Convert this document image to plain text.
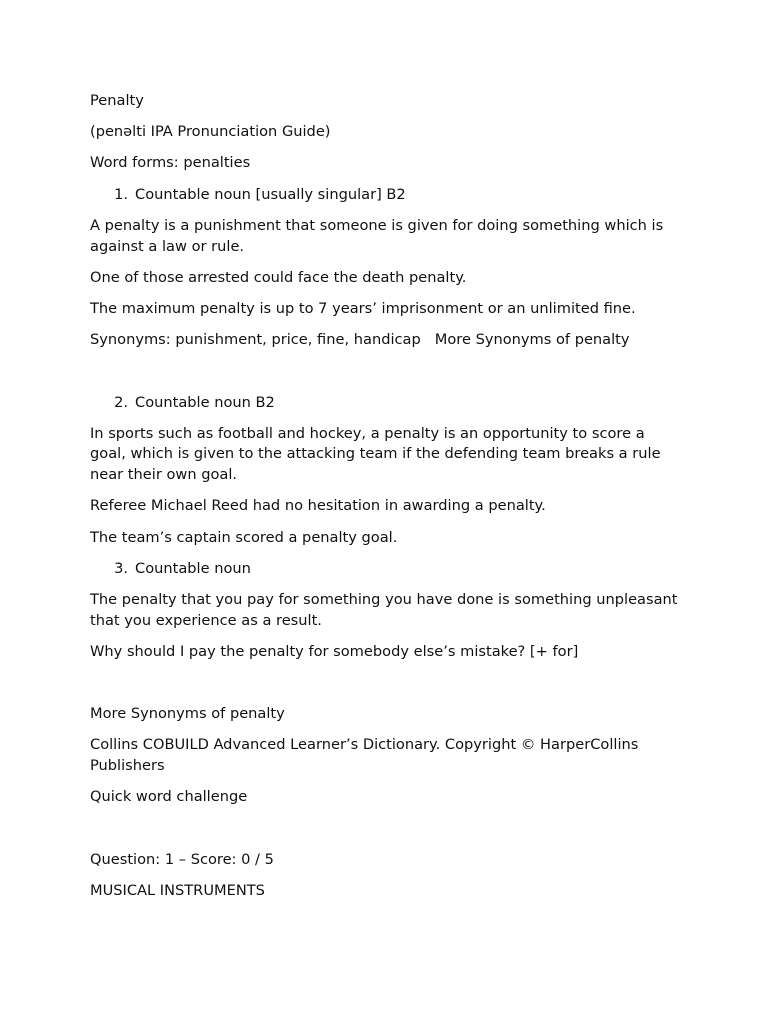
Penalty
(penəlti IPA Pronunciation Guide)
Word forms: penalties
1. Countable noun [usually singular] B2
A penalty is a punishment that someone is given for doing something which is against a law or rule.
One of those arrested could face the death penalty.
The maximum penalty is up to 7 years’ imprisonment or an unlimited fine.
Synonyms: punishment, price, fine, handicap More Synonyms of penalty
2. Countable noun B2
In sports such as football and hockey, a penalty is an opportunity to score a goal, which is given to the attacking team if the defending team breaks a rule near their own goal.
Referee Michael Reed had no hesitation in awarding a penalty.
The team’s captain scored a penalty goal.
3. Countable noun
The penalty that you pay for something you have done is something unpleasant that you experience as a result.
Why should I pay the penalty for somebody else’s mistake? [+ for]
More Synonyms of penalty
Collins COBUILD Advanced Learner’s Dictionary. Copyright © HarperCollins Publishers
Quick word challenge
Question: 1 – Score: 0 / 5
MUSICAL INSTRUMENTS
